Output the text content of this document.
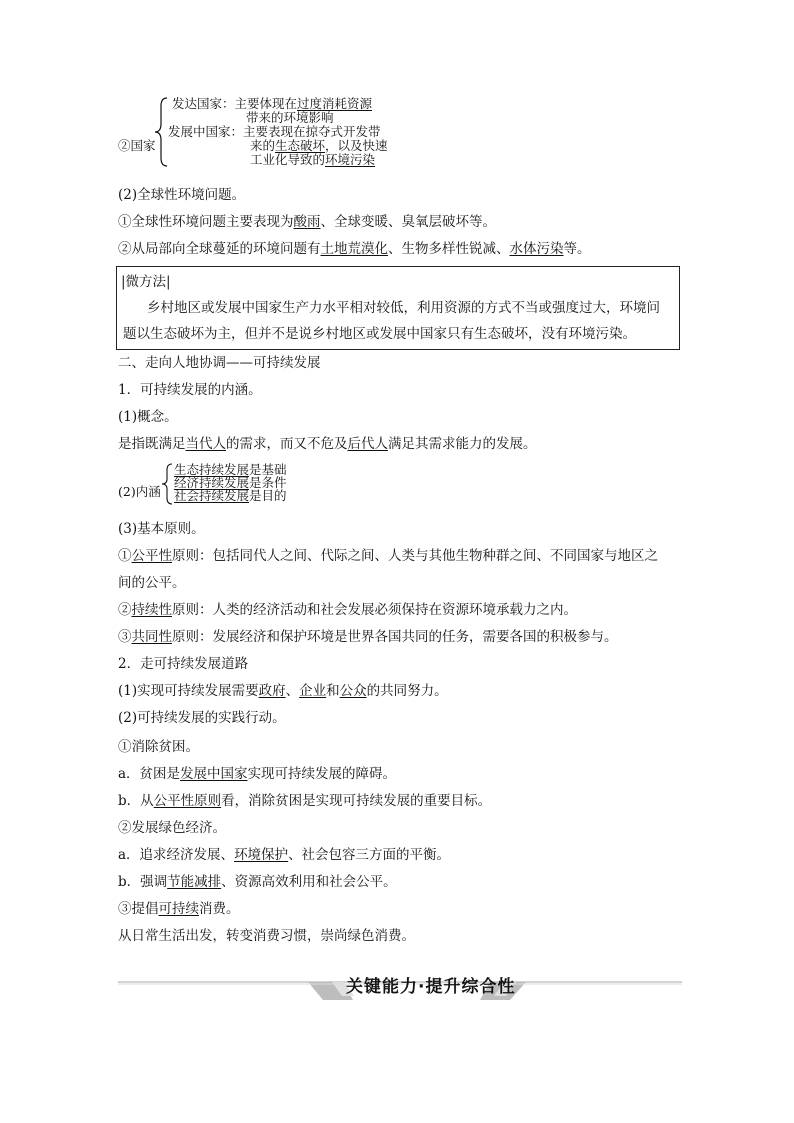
②国家
发达国家：主要体现在过度消耗资源
带来的环境影响
发展中国家：主要表现在掠夺式开发带
来的生态破坏，以及快速
工业化导致的环境污染
(2)全球性环境问题。
①全球性环境问题主要表现为酸雨、全球变暖、臭氧层破坏等。
②从局部向全球蔓延的环境问题有土地荒漠化、生物多样性锐减、水体污染等。
|微方法|
乡村地区或发展中国家生产力水平相对较低，利用资源的方式不当或强度过大，环境问
题以生态破坏为主，但并不是说乡村地区或发展中国家只有生态破坏，没有环境污染。
二、走向人地协调——可持续发展
1．可持续发展的内涵。
(1)概念。
是指既满足当代人的需求，而又不危及后代人满足其需求能力的发展。
(2)内涵
生态持续发展是基础
经济持续发展是条件
社会持续发展是目的
(3)基本原则。
①公平性原则：包括同代人之间、代际之间、人类与其他生物种群之间、不同国家与地区之
间的公平。
②持续性原则：人类的经济活动和社会发展必须保持在资源环境承载力之内。
③共同性原则：发展经济和保护环境是世界各国共同的任务，需要各国的积极参与。
2．走可持续发展道路
(1)实现可持续发展需要政府、企业和公众的共同努力。
(2)可持续发展的实践行动。
①消除贫困。
a．贫困是发展中国家实现可持续发展的障碍。
b．从公平性原则看，消除贫困是实现可持续发展的重要目标。
②发展绿色经济。
a．追求经济发展、环境保护、社会包容三方面的平衡。
b．强调节能减排、资源高效利用和社会公平。
③提倡可持续消费。
从日常生活出发，转变消费习惯，崇尚绿色消费。
关键能力·提升综合性
